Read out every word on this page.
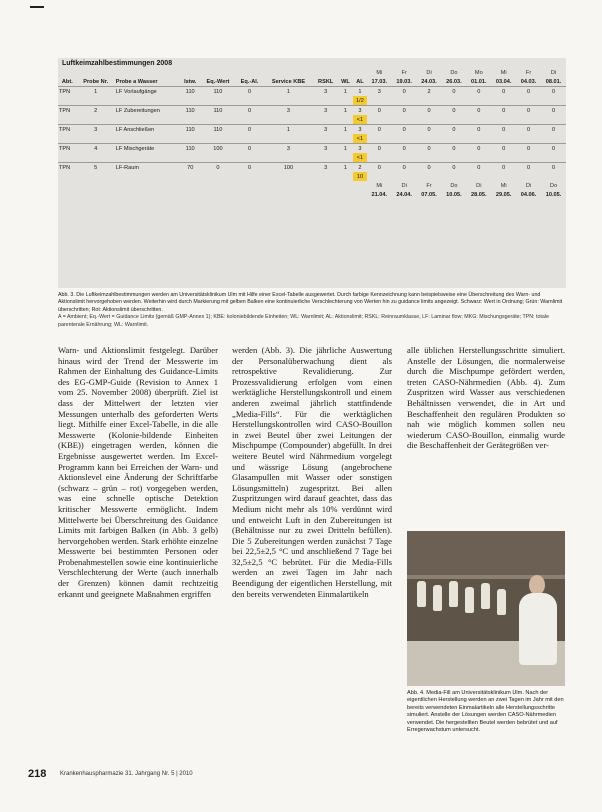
Luftkeimzahlbestimmungen 2008
										Mi	Fr	Di	Do	Mo	Mi	Fr	Di
Abt.	Probe Nr.	Probe a Wasser	Istw.	Eq.-Wert	Eq.-Al.	Service KBE	RSKL	WL	AL	17.03.	19.03.	24.03.	26.03.	01.01.	03.04.	04.03.	08.01.
TPN	1	LF Vorlaufgänge	110	110	0	1	3	1	1	3	0	2	0	0	0	0	0
									1/2								
TPN	2	LF Zubereitungen	110	110	0	3	3	1	3	0	0	0	0	0	0	0	0
									<1								
TPN	3	LF Anschließen	110	110	0	1	3	1	3	0	0	0	0	0	0	0	0
									<1								
TPN	4	LF Mischgeräte	110	100	0	3	3	1	3	0	0	0	0	0	0	0	0
									<1								
TPN	5	LF-Raum	70	0	0	100	3	1	2	0	0	0	0	0	0	0	0
									10								
										Mi	Di	Fr	Do	Di	Mi	Di	Do
										21.04.	24.04.	07.05.	10.05.	28.05.	29.05.	04.06.	10.05.
Abb. 3. Die Luftkeimzahlbestimmungen werden am Universitätsklinikum Ulm mit Hilfe einer Excel-Tabelle ausgewertet. Durch farbige Kennzeichnung kann beispielsweise eine Überschreitung des Warn- und Aktionslimit hervorgehoben werden. Weiterhin wird durch Markierung mit gelben Balken eine kontinuierliche Verschlechterung von Werten hin zu guidance limits angezeigt. Schwarz: Wert in Ordnung; Grün: Warnlimit überschritten; Rot: Aktionslimit überschritten.
A = Ambient; Eq.-Wert = Guidance Limits (gemäß GMP-Annex 1); KBE: koloniebildende Einheiten; WL: Warnlimit; AL: Aktionslimit; RSKL: Reinraumklasse, LF: Laminar flow; MKG: Mischungsgeräte; TPN: totale parenterale Ernährung; WL: Warnlimit.

Warn- und Aktionslimit festgelegt. Darüber hinaus wird der Trend der Messwerte im Rahmen der Einhaltung des Guidance-Limits des EG-GMP-Guide (Revision to Annex 1 vom 25. November 2008) überprüft. Ziel ist dass der Mittelwert der letzten vier Messungen unterhalb des geforderten Werts liegt. Mithilfe einer Excel-Tabelle, in die alle Messwerte (Kolonie-bildende Einheiten (KBE)) eingetragen werden, können die Ergebnisse ausgewertet werden. Im Excel-Programm kann bei Erreichen der Warn- und Aktionslevel eine Änderung der Schriftfarbe (schwarz – grün – rot) vorgegeben werden, was eine schnelle optische Detektion kritischer Messwerte ermöglicht. Indem Mittelwerte bei Überschreitung des Guidance Limits mit farbigen Balken (in Abb. 3 gelb) hervorgehoben werden. Stark erhöhte einzelne Messwerte bei bestimmten Personen oder Probenahmestellen sowie eine kontinuierliche Verschlechterung der Werte (auch innerhalb der Grenzen) können damit rechtzeitig erkannt und geeignete Maßnahmen ergriffen

werden (Abb. 3). Die jährliche Auswertung der Personalüberwachung dient als retrospektive Revalidierung. Zur Prozessvalidierung erfolgen vom einen werktägliche Herstellungskontroll und einem anderen zweimal jährlich stattfindende „Media-Fills“. Für die werktäglichen Herstellungskontrollen wird CASO-Bouillon in zwei Beutel über zwei Leitungen der Mischpumpe (Compounder) abgefüllt. In drei weitere Beutel wird Nährmedium vorgelegt und wässrige Lösung (angebrochene Glasampullen mit Wasser oder sonstigen Lösungsmitteln) zugespritzt. Bei allen Zuspritzungen wird darauf geachtet, dass das Medium nicht mehr als 10% verdünnt wird und entweicht Luft in den Zubereitungen ist (Behältnisse nur zu zwei Dritteln befüllen). Die 5 Zubereitungen werden zunächst 7 Tage bei 22,5±2,5 °C und anschließend 7 Tage bei 32,5±2,5 °C bebrütet. Für die Media-Fills werden an zwei Tagen im Jahr nach Beendigung der eigentlichen Herstellung, mit den bereits verwendeten Einmalartikeln

alle üblichen Herstellungsschritte simuliert. Anstelle der Lösungen, die normalerweise durch die Mischpumpe gefördert werden, treten CASO-Nährmedien (Abb. 4). Zum Zuspritzen wird Wasser aus verschiedenen Behältnissen verwendet, die in Art und Beschaffenheit den regulären Produkten so nah wie möglich kommen sollen neu wiederum CASO-Bouillon, einmalig wurde die Beschaffenheit der Gerätegrößen ver-

Abb. 4. Media-Fill am Universitätsklinikum Ulm. Nach der eigentlichen Herstellung werden an zwei Tagen im Jahr mit den bereits verwendeten Einmalartikeln alle Herstellungsschritte simuliert. Anstelle der Lösungen werden CASO-Nährmedien verwendet. Die hergestellten Beutel werden bebrütet und auf Erregerwachstum untersucht.
218 Krankenhauspharmazie 31. Jahrgang Nr. 5 | 2010
